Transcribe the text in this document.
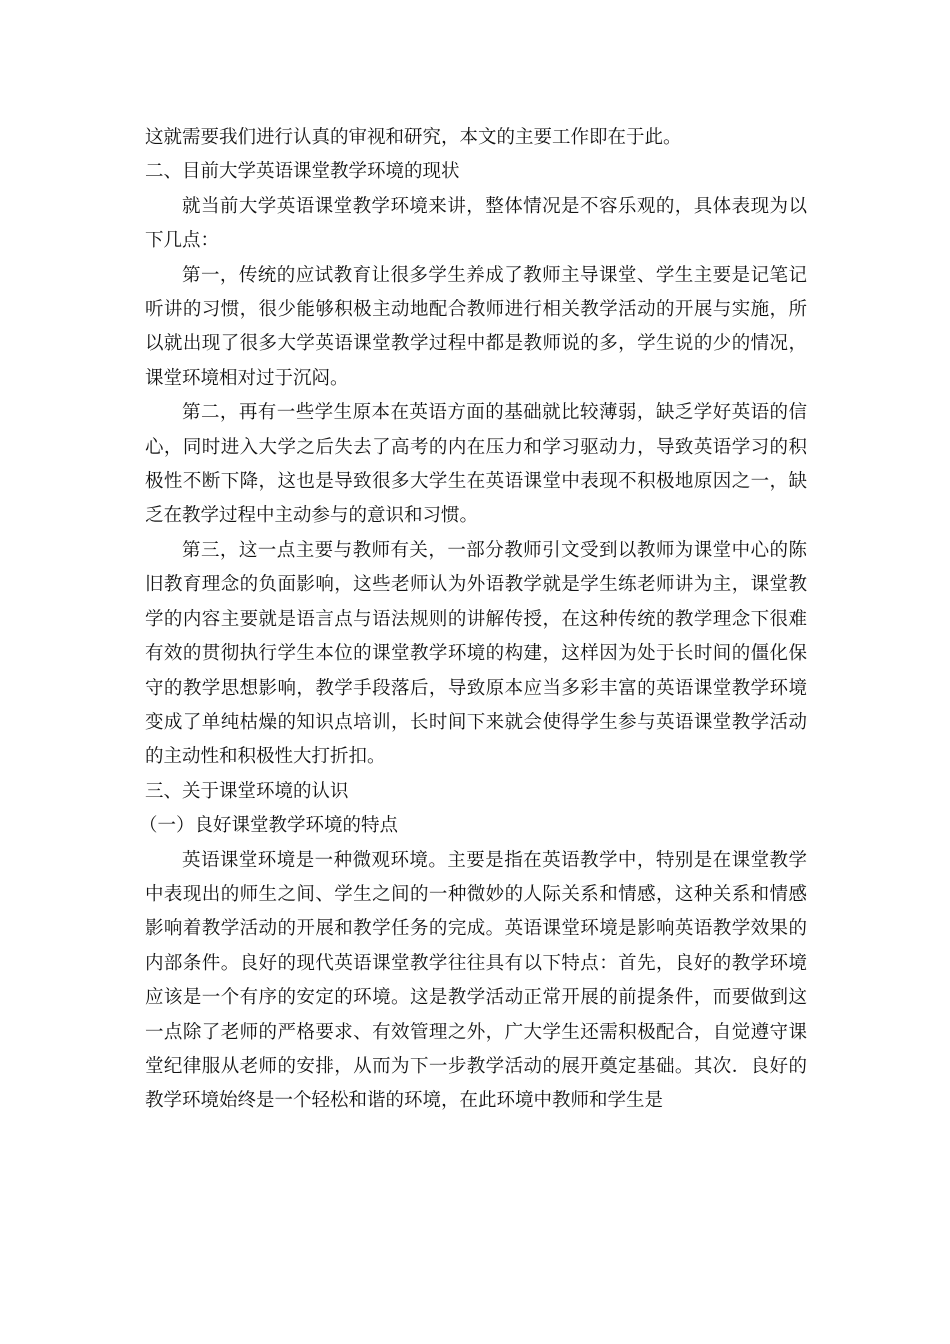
这就需要我们进行认真的审视和研究，本文的主要工作即在于此。

二、目前大学英语课堂教学环境的现状

就当前大学英语课堂教学环境来讲，整体情况是不容乐观的，具体表现为以下几点：

第一，传统的应试教育让很多学生养成了教师主导课堂、学生主要是记笔记听讲的习惯，很少能够积极主动地配合教师进行相关教学活动的开展与实施，所以就出现了很多大学英语课堂教学过程中都是教师说的多，学生说的少的情况，课堂环境相对过于沉闷。

第二，再有一些学生原本在英语方面的基础就比较薄弱，缺乏学好英语的信心，同时进入大学之后失去了高考的内在压力和学习驱动力，导致英语学习的积极性不断下降，这也是导致很多大学生在英语课堂中表现不积极地原因之一，缺乏在教学过程中主动参与的意识和习惯。

第三，这一点主要与教师有关，一部分教师引文受到以教师为课堂中心的陈旧教育理念的负面影响，这些老师认为外语教学就是学生练老师讲为主，课堂教学的内容主要就是语言点与语法规则的讲解传授，在这种传统的教学理念下很难有效的贯彻执行学生本位的课堂教学环境的构建，这样因为处于长时间的僵化保守的教学思想影响，教学手段落后，导致原本应当多彩丰富的英语课堂教学环境变成了单纯枯燥的知识点培训，长时间下来就会使得学生参与英语课堂教学活动的主动性和积极性大打折扣。

三、关于课堂环境的认识

（一）良好课堂教学环境的特点

英语课堂环境是一种微观环境。主要是指在英语教学中，特别是在课堂教学中表现出的师生之间、学生之间的一种微妙的人际关系和情感，这种关系和情感影响着教学活动的开展和教学任务的完成。英语课堂环境是影响英语教学效果的内部条件。良好的现代英语课堂教学往往具有以下特点：首先，良好的教学环境应该是一个有序的安定的环境。这是教学活动正常开展的前提条件，而要做到这一点除了老师的严格要求、有效管理之外，广大学生还需积极配合，自觉遵守课堂纪律服从老师的安排，从而为下一步教学活动的展开奠定基础。其次．良好的教学环境始终是一个轻松和谐的环境，在此环境中教师和学生是
